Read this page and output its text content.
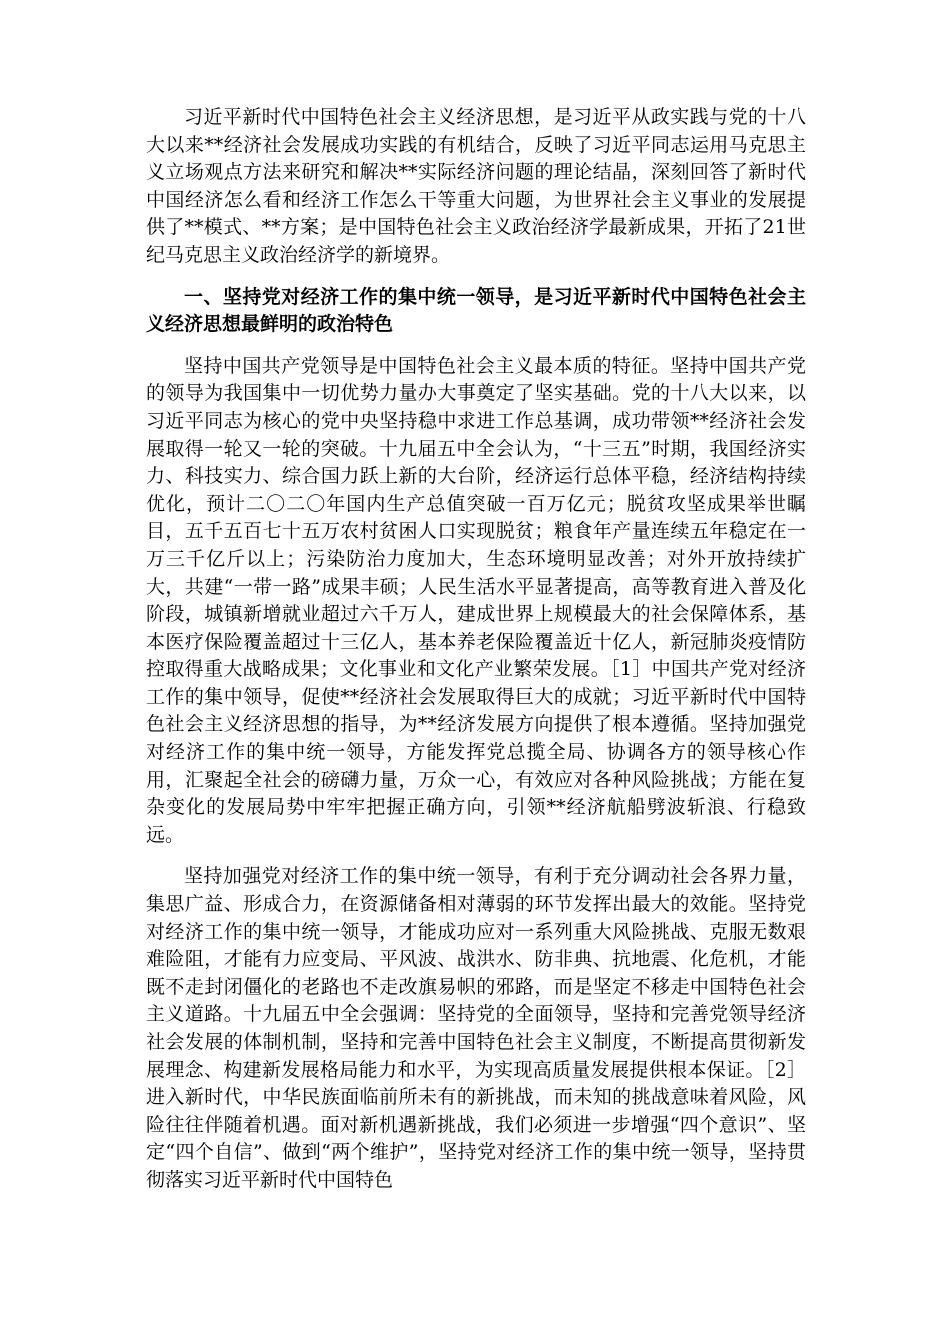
习近平新时代中国特色社会主义经济思想，是习近平从政实践与党的十八大以来**经济社会发展成功实践的有机结合，反映了习近平同志运用马克思主义立场观点方法来研究和解决**实际经济问题的理论结晶，深刻回答了新时代中国经济怎么看和经济工作怎么干等重大问题，为世界社会主义事业的发展提供了**模式、**方案；是中国特色社会主义政治经济学最新成果，开拓了21世纪马克思主义政治经济学的新境界。

一、坚持党对经济工作的集中统一领导，是习近平新时代中国特色社会主义经济思想最鲜明的政治特色

坚持中国共产党领导是中国特色社会主义最本质的特征。坚持中国共产党的领导为我国集中一切优势力量办大事奠定了坚实基础。党的十八大以来，以习近平同志为核心的党中央坚持稳中求进工作总基调，成功带领**经济社会发展取得一轮又一轮的突破。十九届五中全会认为，“十三五”时期，我国经济实力、科技实力、综合国力跃上新的大台阶，经济运行总体平稳，经济结构持续优化，预计二〇二〇年国内生产总值突破一百万亿元；脱贫攻坚成果举世瞩目，五千五百七十五万农村贫困人口实现脱贫；粮食年产量连续五年稳定在一万三千亿斤以上；污染防治力度加大，生态环境明显改善；对外开放持续扩大，共建“一带一路”成果丰硕；人民生活水平显著提高，高等教育进入普及化阶段，城镇新增就业超过六千万人，建成世界上规模最大的社会保障体系，基本医疗保险覆盖超过十三亿人，基本养老保险覆盖近十亿人，新冠肺炎疫情防控取得重大战略成果；文化事业和文化产业繁荣发展。［1］中国共产党对经济工作的集中领导，促使**经济社会发展取得巨大的成就；习近平新时代中国特色社会主义经济思想的指导，为**经济发展方向提供了根本遵循。坚持加强党对经济工作的集中统一领导，方能发挥党总揽全局、协调各方的领导核心作用，汇聚起全社会的磅礴力量，万众一心，有效应对各种风险挑战；方能在复杂变化的发展局势中牢牢把握正确方向，引领**经济航船劈波斩浪、行稳致远。

坚持加强党对经济工作的集中统一领导，有利于充分调动社会各界力量，集思广益、形成合力，在资源储备相对薄弱的环节发挥出最大的效能。坚持党对经济工作的集中统一领导，才能成功应对一系列重大风险挑战、克服无数艰难险阻，才能有力应变局、平风波、战洪水、防非典、抗地震、化危机，才能既不走封闭僵化的老路也不走改旗易帜的邪路，而是坚定不移走中国特色社会主义道路。十九届五中全会强调：坚持党的全面领导，坚持和完善党领导经济社会发展的体制机制，坚持和完善中国特色社会主义制度，不断提高贯彻新发展理念、构建新发展格局能力和水平，为实现高质量发展提供根本保证。［2］进入新时代，中华民族面临前所未有的新挑战，而未知的挑战意味着风险，风险往往伴随着机遇。面对新机遇新挑战，我们必须进一步增强“四个意识”、坚定“四个自信”、做到“两个维护”，坚持党对经济工作的集中统一领导，坚持贯彻落实习近平新时代中国特色
